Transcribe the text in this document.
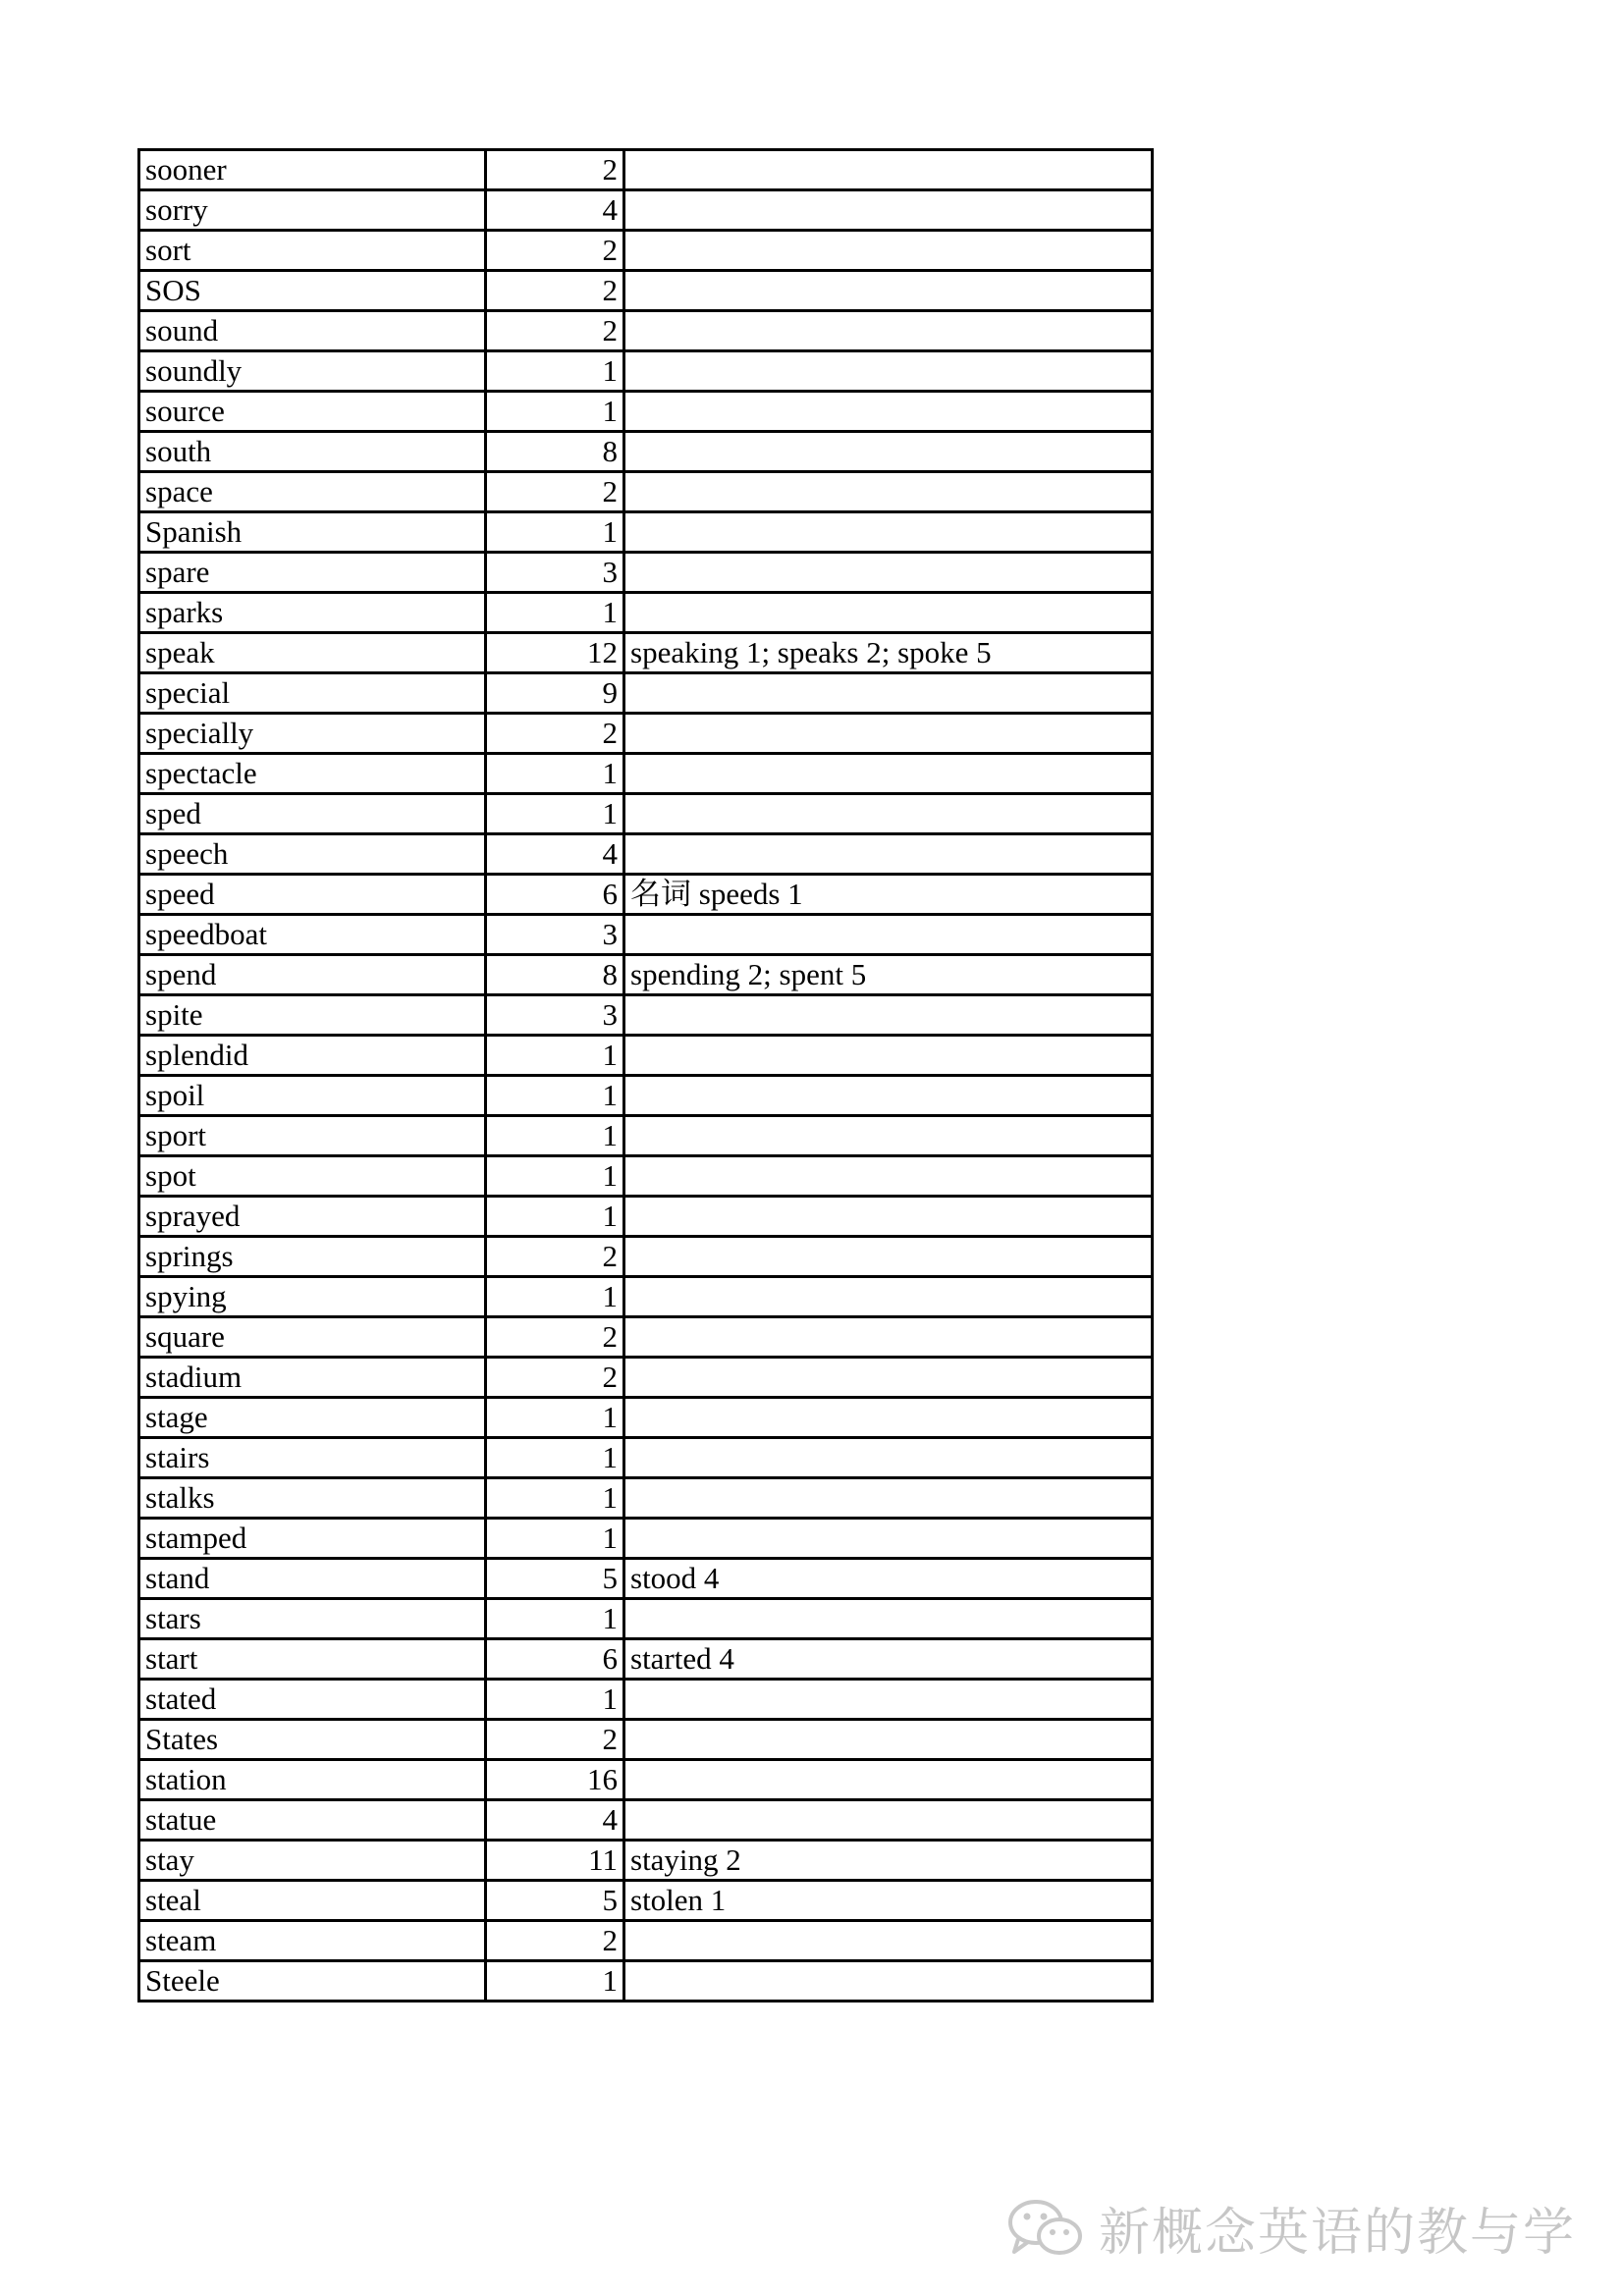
sooner	2	
sorry	4	
sort	2	
SOS	2	
sound	2	
soundly	1	
source	1	
south	8	
space	2	
Spanish	1	
spare	3	
sparks	1	
speak	12	speaking 1; speaks 2; spoke 5
special	9	
specially	2	
spectacle	1	
sped	1	
speech	4	
speed	6	名词 speeds 1
speedboat	3	
spend	8	spending 2; spent 5
spite	3	
splendid	1	
spoil	1	
sport	1	
spot	1	
sprayed	1	
springs	2	
spying	1	
square	2	
stadium	2	
stage	1	
stairs	1	
stalks	1	
stamped	1	
stand	5	stood 4
stars	1	
start	6	started 4
stated	1	
States	2	
station	16	
statue	4	
stay	11	staying 2
steal	5	stolen 1
steam	2	
Steele	1	
新概念英语的教与学
